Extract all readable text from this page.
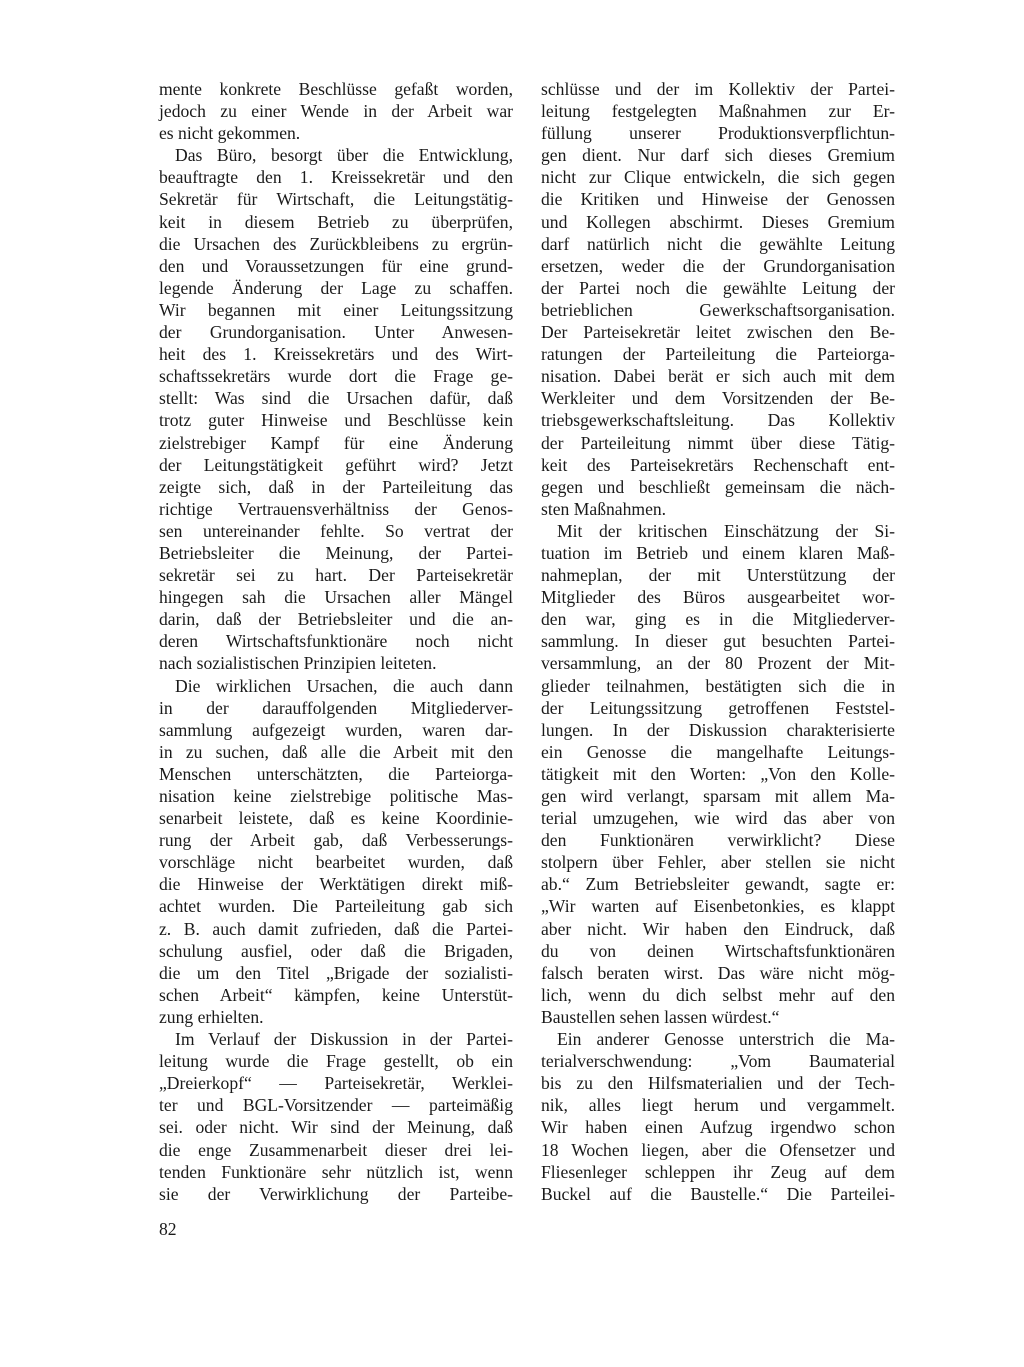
mente konkrete Beschlüsse gefaßt worden,
jedoch zu einer Wende in der Arbeit war
es nicht gekommen.
Das Büro, besorgt über die Entwicklung,
beauftragte den 1. Kreissekretär und den
Sekretär für Wirtschaft, die Leitungstätig-
keit in diesem Betrieb zu überprüfen,
die Ursachen des Zurückbleibens zu ergrün-
den und Voraussetzungen für eine grund-
legende Änderung der Lage zu schaffen.
Wir begannen mit einer Leitungssitzung
der Grundorganisation. Unter Anwesen-
heit des 1. Kreissekretärs und des Wirt-
schaftssekretärs wurde dort die Frage ge-
stellt: Was sind die Ursachen dafür, daß
trotz guter Hinweise und Beschlüsse kein
zielstrebiger Kampf für eine Änderung
der Leitungstätigkeit geführt wird? Jetzt
zeigte sich, daß in der Parteileitung das
richtige Vertrauensverhältniss der Genos-
sen untereinander fehlte. So vertrat der
Betriebsleiter die Meinung, der Partei-
sekretär sei zu hart. Der Parteisekretär
hingegen sah die Ursachen aller Mängel
darin, daß der Betriebsleiter und die an-
deren Wirtschaftsfunktionäre noch nicht
nach sozialistischen Prinzipien leiteten.
Die wirklichen Ursachen, die auch dann
in der darauffolgenden Mitgliederver-
sammlung aufgezeigt wurden, waren dar-
in zu suchen, daß alle die Arbeit mit den
Menschen unterschätzten, die Parteiorga-
nisation keine zielstrebige politische Mas-
senarbeit leistete, daß es keine Koordinie-
rung der Arbeit gab, daß Verbesserungs-
vorschläge nicht bearbeitet wurden, daß
die Hinweise der Werktätigen direkt miß-
achtet wurden. Die Parteileitung gab sich
z. B. auch damit zufrieden, daß die Partei-
schulung ausfiel, oder daß die Brigaden,
die um den Titel „Brigade der sozialisti-
schen Arbeit“ kämpfen, keine Unterstüt-
zung erhielten.
Im Verlauf der Diskussion in der Partei-
leitung wurde die Frage gestellt, ob ein
„Dreierkopf“ — Parteisekretär, Werklei-
ter und BGL-Vorsitzender — parteimäßig
sei. oder nicht. Wir sind der Meinung, daß
die enge Zusammenarbeit dieser drei lei-
tenden Funktionäre sehr nützlich ist, wenn
sie der Verwirklichung der Parteibe-
schlüsse und der im Kollektiv der Partei-
leitung festgelegten Maßnahmen zur Er-
füllung unserer Produktionsverpflichtun-
gen dient. Nur darf sich dieses Gremium
nicht zur Clique entwickeln, die sich gegen
die Kritiken und Hinweise der Genossen
und Kollegen abschirmt. Dieses Gremium
darf natürlich nicht die gewählte Leitung
ersetzen, weder die der Grundorganisation
der Partei noch die gewählte Leitung der
betrieblichen Gewerkschaftsorganisation.
Der Parteisekretär leitet zwischen den Be-
ratungen der Parteileitung die Parteiorga-
nisation. Dabei berät er sich auch mit dem
Werkleiter und dem Vorsitzenden der Be-
triebsgewerkschaftsleitung. Das Kollektiv
der Parteileitung nimmt über diese Tätig-
keit des Parteisekretärs Rechenschaft ent-
gegen und beschließt gemeinsam die näch-
sten Maßnahmen.
Mit der kritischen Einschätzung der Si-
tuation im Betrieb und einem klaren Maß-
nahmeplan, der mit Unterstützung der
Mitglieder des Büros ausgearbeitet wor-
den war, ging es in die Mitgliederver-
sammlung. In dieser gut besuchten Partei-
versammlung, an der 80 Prozent der Mit-
glieder teilnahmen, bestätigten sich die in
der Leitungssitzung getroffenen Feststel-
lungen. In der Diskussion charakterisierte
ein Genosse die mangelhafte Leitungs-
tätigkeit mit den Worten: „Von den Kolle-
gen wird verlangt, sparsam mit allem Ma-
terial umzugehen, wie wird das aber von
den Funktionären verwirklicht? Diese
stolpern über Fehler, aber stellen sie nicht
ab.“ Zum Betriebsleiter gewandt, sagte er:
„Wir warten auf Eisenbetonkies, es klappt
aber nicht. Wir haben den Eindruck, daß
du von deinen Wirtschaftsfunktionären
falsch beraten wirst. Das wäre nicht mög-
lich, wenn du dich selbst mehr auf den
Baustellen sehen lassen würdest.“
Ein anderer Genosse unterstrich die Ma-
terialverschwendung: „Vom Baumaterial
bis zu den Hilfsmaterialien und der Tech-
nik, alles liegt herum und vergammelt.
Wir haben einen Aufzug irgendwo schon
18 Wochen liegen, aber die Ofensetzer und
Fliesenleger schleppen ihr Zeug auf dem
Buckel auf die Baustelle.“ Die Parteilei-
82
